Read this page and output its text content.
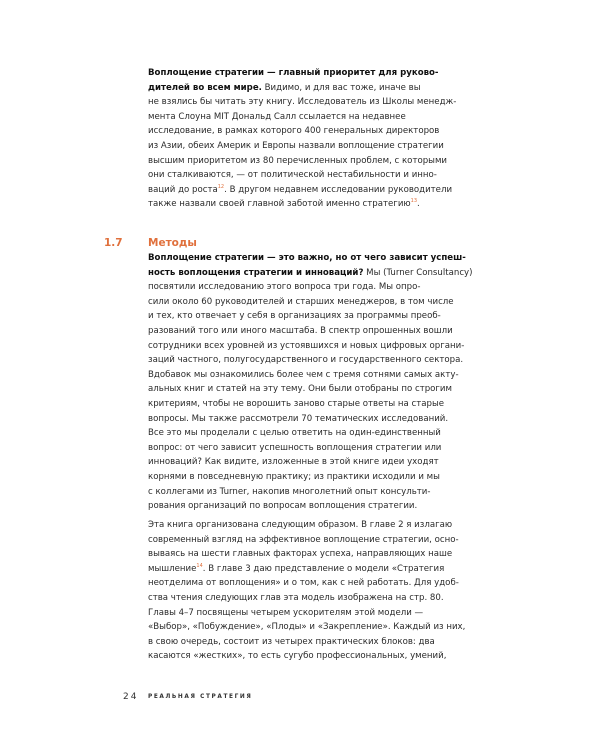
Воплощение стратегии — главный приоритет для руково-
дителей во всем мире. Видимо, и для вас тоже, иначе вы
не взялись бы читать эту книгу. Исследователь из Школы менедж-
мента Слоуна MIT Дональд Салл ссылается на недавнее
исследование, в рамках которого 400 генеральных директоров
из Азии, обеих Америк и Европы назвали воплощение стратегии
высшим приоритетом из 80 перечисленных проблем, с которыми
они сталкиваются, — от политической нестабильности и инно-
ваций до роста$^{12}$. В другом недавнем исследовании руководители
также назвали своей главной заботой именно стратегию$^{13}$.

1.7 Методы

Воплощение стратегии — это важно, но от чего зависит успеш-
ность воплощения стратегии и инноваций? Мы (Turner Consultancy)
посвятили исследованию этого вопроса три года. Мы опро-
сили около 60 руководителей и старших менеджеров, в том числе
и тех, кто отвечает у себя в организациях за программы преоб-
разований того или иного масштаба. В спектр опрошенных вошли
сотрудники всех уровней из устоявшихся и новых цифровых органи-
заций частного, полугосударственного и государственного сектора.
Вдобавок мы ознакомились более чем с тремя сотнями самых акту-
альных книг и статей на эту тему. Они были отобраны по строгим
критериям, чтобы не ворошить заново старые ответы на старые
вопросы. Мы также рассмотрели 70 тематических исследований.
Все это мы проделали с целью ответить на один-единственный
вопрос: от чего зависит успешность воплощения стратегии или
инноваций? Как видите, изложенные в этой книге идеи уходят
корнями в повседневную практику; из практики исходили и мы
с коллегами из Turner, накопив многолетний опыт консульти-
рования организаций по вопросам воплощения стратегии.

Эта книга организована следующим образом. В главе 2 я излагаю
современный взгляд на эффективное воплощение стратегии, осно-
вываясь на шести главных факторах успеха, направляющих наше
мышление$^{14}$. В главе 3 даю представление о модели «Стратегия
неотделима от воплощения» и о том, как с ней работать. Для удоб-
ства чтения следующих глав эта модель изображена на стр. 80.
Главы 4–7 посвящены четырем ускорителям этой модели —
«Выбор», «Побуждение», «Плоды» и «Закрепление». Каждый из них,
в свою очередь, состоит из четырех практических блоков: два
касаются «жестких», то есть сугубо профессиональных, умений,

24 РЕАЛЬНАЯ СТРАТЕГИЯ
